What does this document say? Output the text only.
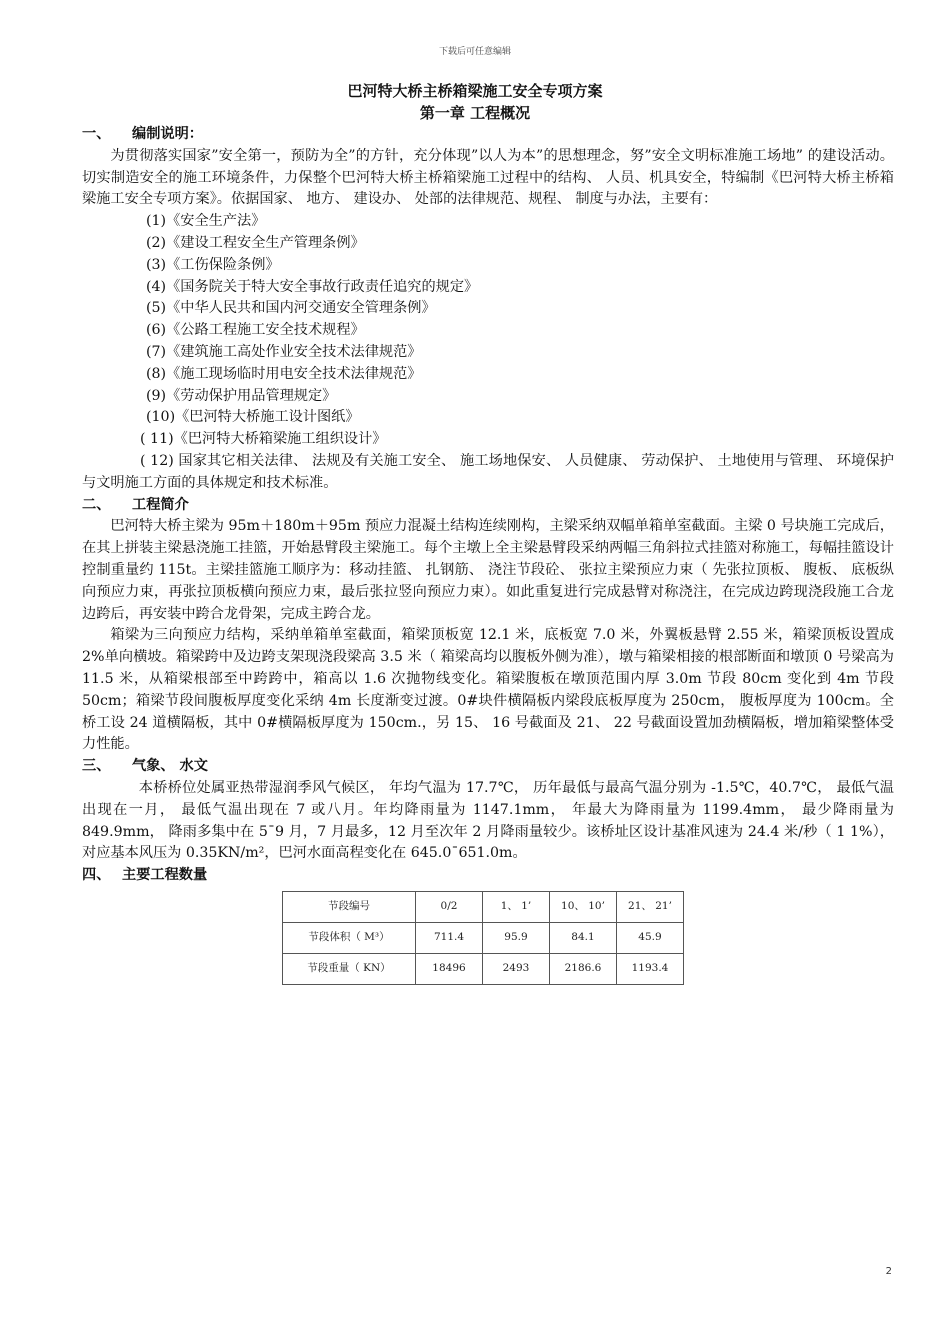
下载后可任意编辑
巴河特大桥主桥箱梁施工安全专项方案
第一章 工程概况

一、 编制说明：

为贯彻落实国家”安全第一，预防为全”的方针，充分体现”以人为本”的思想理念，努”安全文明标准施工场地” 的建设活动。切实制造安全的施工环境条件，力保整个巴河特大桥主桥箱梁施工过程中的结构、 人员、机具安全，特编制《巴河特大桥主桥箱梁施工安全专项方案》。依据国家、 地方、 建设办、 处部的法律规范、规程、 制度与办法，主要有：

(1)《安全生产法》

(2)《建设工程安全生产管理条例》

(3)《工伤保险条例》

(4)《国务院关于特大安全事故行政责任追究的规定》

(5)《中华人民共和国内河交通安全管理条例》

(6)《公路工程施工安全技术规程》

(7)《建筑施工高处作业安全技术法律规范》

(8)《施工现场临时用电安全技术法律规范》

(9)《劳动保护用品管理规定》

(10)《巴河特大桥施工设计图纸》

( 11)《巴河特大桥箱梁施工组织设计》

( 12) 国家其它相关法律、 法规及有关施工安全、 施工场地保安、 人员健康、 劳动保护、 土地使用与管理、 环境保护与文明施工方面的具体规定和技术标准。

二、 工程简介

巴河特大桥主梁为 95m＋180m＋95m 预应力混凝土结构连续刚构，主梁采纳双幅单箱单室截面。主梁 0 号块施工完成后，在其上拼装主梁悬浇施工挂篮，开始悬臂段主梁施工。每个主墩上全主梁悬臂段采纳两幅三角斜拉式挂篮对称施工，每幅挂篮设计控制重量约 115t。主梁挂篮施工顺序为：移动挂篮、 扎钢筋、 浇注节段砼、 张拉主梁预应力束（ 先张拉顶板、 腹板、 底板纵向预应力束，再张拉顶板横向预应力束，最后张拉竖向预应力束）。如此重复进行完成悬臂对称浇注，在完成边跨现浇段施工合龙边跨后，再安装中跨合龙骨架，完成主跨合龙。

箱梁为三向预应力结构，采纳单箱单室截面，箱梁顶板宽 12.1 米，底板宽 7.0 米，外翼板悬臂 2.55 米，箱梁顶板设置成 2%单向横坡。箱梁跨中及边跨支架现浇段梁高 3.5 米（ 箱梁高均以腹板外侧为准），墩与箱梁相接的根部断面和墩顶 0 号梁高为 11.5 米，从箱梁根部至中跨跨中，箱高以 1.6 次抛物线变化。箱梁腹板在墩顶范围内厚 3.0m 节段 80cm 变化到 4m 节段 50cm；箱梁节段间腹板厚度变化采纳 4m 长度渐变过渡。0#块件横隔板内梁段底板厚度为 250cm， 腹板厚度为 100cm。全桥工设 24 道横隔板，其中 0#横隔板厚度为 150cm.，另 15、 16 号截面及 21、 22 号截面设置加劲横隔板，增加箱梁整体受力性能。

三、 气象、 水文

本桥桥位处属亚热带湿润季风气候区， 年均气温为 17.7℃， 历年最低与最高气温分别为 -1.5℃，40.7℃， 最低气温出现在一月， 最低气温出现在 7 或八月。年均降雨量为 1147.1mm， 年最大为降雨量为 1199.4mm， 最少降雨量为 849.9mm， 降雨多集中在 5¯9 月，7 月最多，12 月至次年 2 月降雨量较少。该桥址区设计基准风速为 24.4 米/秒（ 1 1%）， 对应基本风压为 0.35KN/m²，巴河水面高程变化在 645.0¯651.0m。

四、 主要工程数量

节段编号	0/2	1、 1’	10、 10’	21、 21’
节段体积（ M³）	711.4	95.9	84.1	45.9
节段重量（ KN）	18496	2493	2186.6	1193.4
2
